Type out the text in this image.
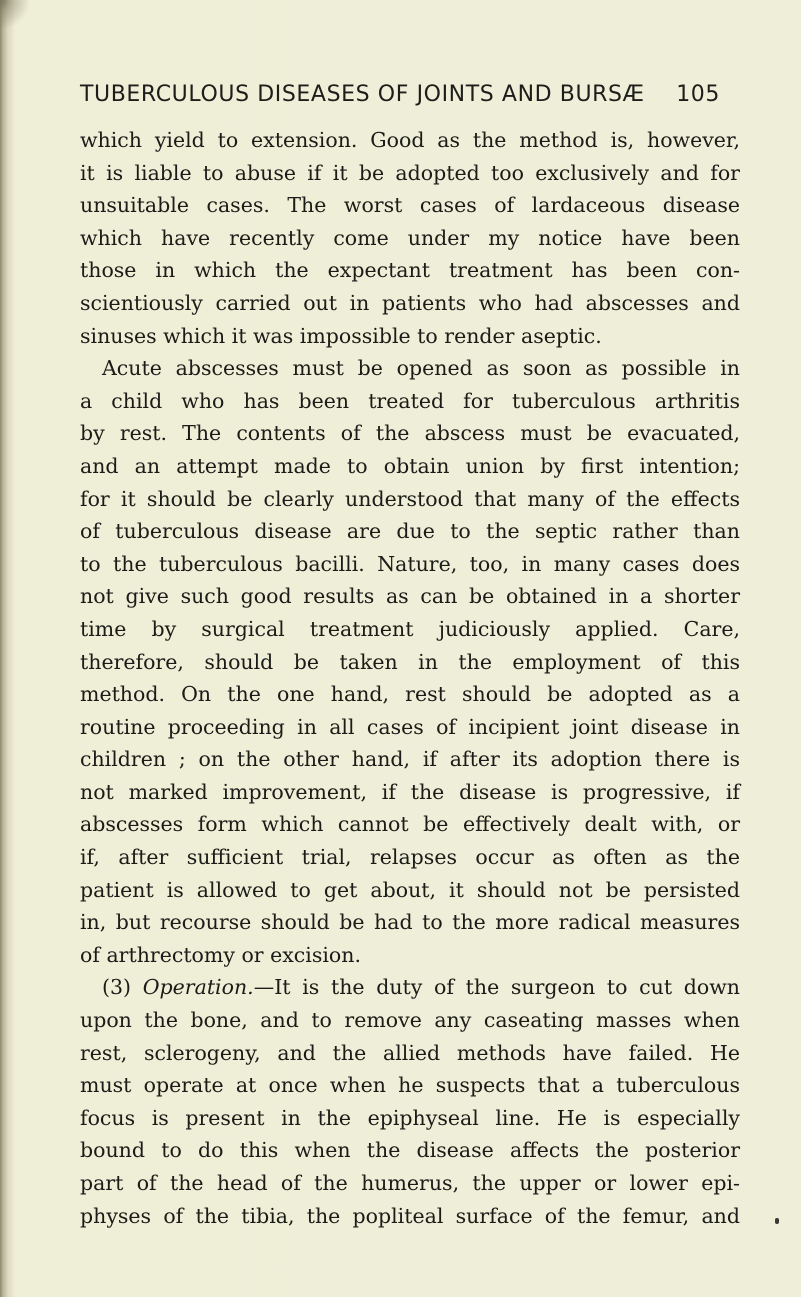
TUBERCULOUS DISEASES OF JOINTS AND BURSÆ 105
which yield to extension. Good as the method is, however,
it is liable to abuse if it be adopted too exclusively and for
unsuitable cases. The worst cases of lardaceous disease
which have recently come under my notice have been
those in which the expectant treatment has been con-
scientiously carried out in patients who had abscesses and
sinuses which it was impossible to render aseptic.
Acute abscesses must be opened as soon as possible in
a child who has been treated for tuberculous arthritis
by rest. The contents of the abscess must be evacuated,
and an attempt made to obtain union by first intention;
for it should be clearly understood that many of the effects
of tuberculous disease are due to the septic rather than
to the tuberculous bacilli. Nature, too, in many cases does
not give such good results as can be obtained in a shorter
time by surgical treatment judiciously applied. Care,
therefore, should be taken in the employment of this
method. On the one hand, rest should be adopted as a
routine proceeding in all cases of incipient joint disease in
children ; on the other hand, if after its adoption there is
not marked improvement, if the disease is progressive, if
abscesses form which cannot be effectively dealt with, or
if, after sufficient trial, relapses occur as often as the
patient is allowed to get about, it should not be persisted
in, but recourse should be had to the more radical measures
of arthrectomy or excision.
(3) Operation.—It is the duty of the surgeon to cut down
upon the bone, and to remove any caseating masses when
rest, sclerogeny, and the allied methods have failed. He
must operate at once when he suspects that a tuberculous
focus is present in the epiphyseal line. He is especially
bound to do this when the disease affects the posterior
part of the head of the humerus, the upper or lower epi-
physes of the tibia, the popliteal surface of the femur, and
